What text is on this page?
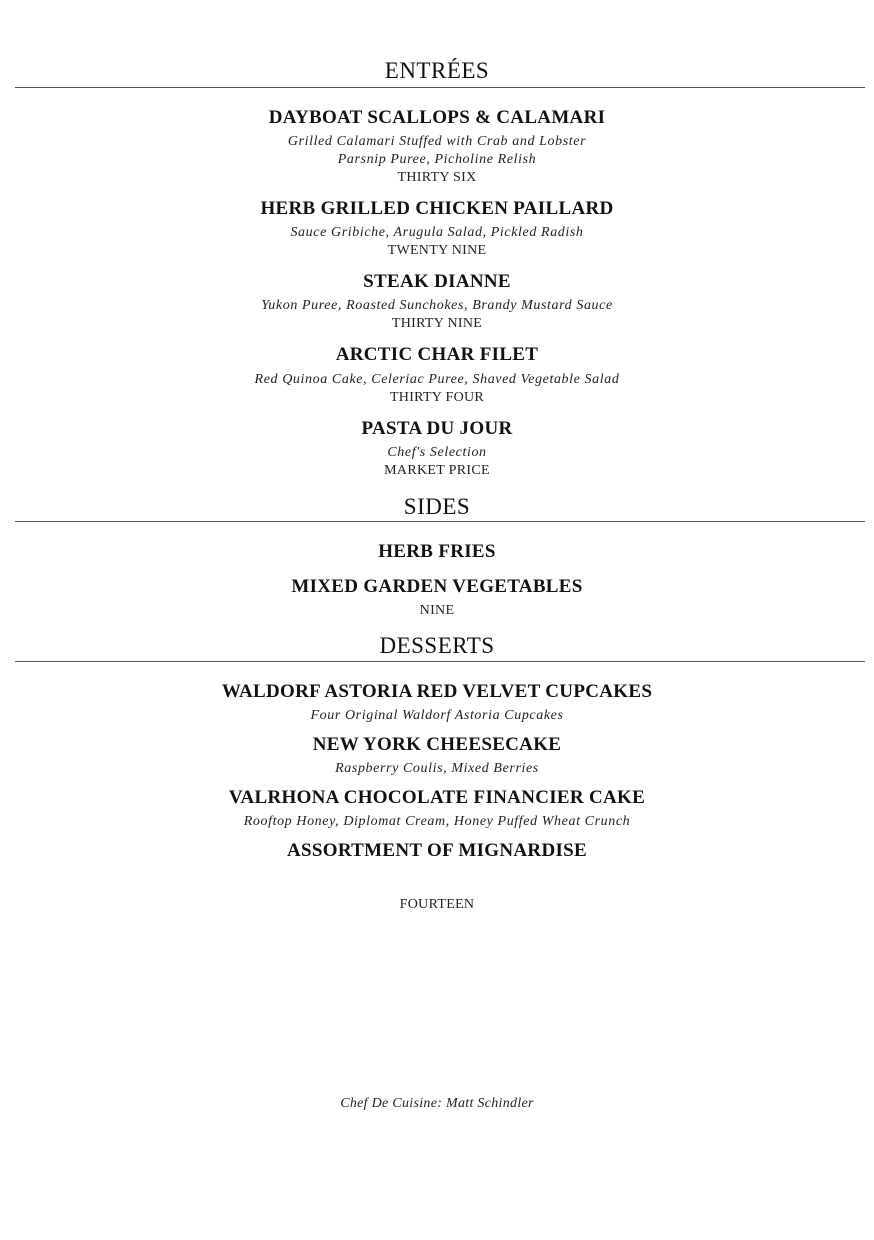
ENTRÉES
DAYBOAT SCALLOPS & CALAMARI
Grilled Calamari Stuffed with Crab and Lobster
Parsnip Puree, Picholine Relish
THIRTY SIX
HERB GRILLED CHICKEN PAILLARD
Sauce Gribiche, Arugula Salad, Pickled Radish
TWENTY NINE
STEAK DIANNE
Yukon Puree, Roasted Sunchokes, Brandy Mustard Sauce
THIRTY NINE
ARCTIC CHAR FILET
Red Quinoa Cake, Celeriac Puree, Shaved Vegetable Salad
THIRTY FOUR
PASTA DU JOUR
Chef's Selection
MARKET PRICE
SIDES
HERB FRIES
MIXED GARDEN VEGETABLES
NINE
DESSERTS
WALDORF ASTORIA RED VELVET CUPCAKES
Four Original Waldorf Astoria Cupcakes
NEW YORK CHEESECAKE
Raspberry Coulis, Mixed Berries
VALRHONA CHOCOLATE FINANCIER CAKE
Rooftop Honey, Diplomat Cream, Honey Puffed Wheat Crunch
ASSORTMENT OF MIGNARDISE
FOURTEEN
Chef De Cuisine: Matt Schindler
